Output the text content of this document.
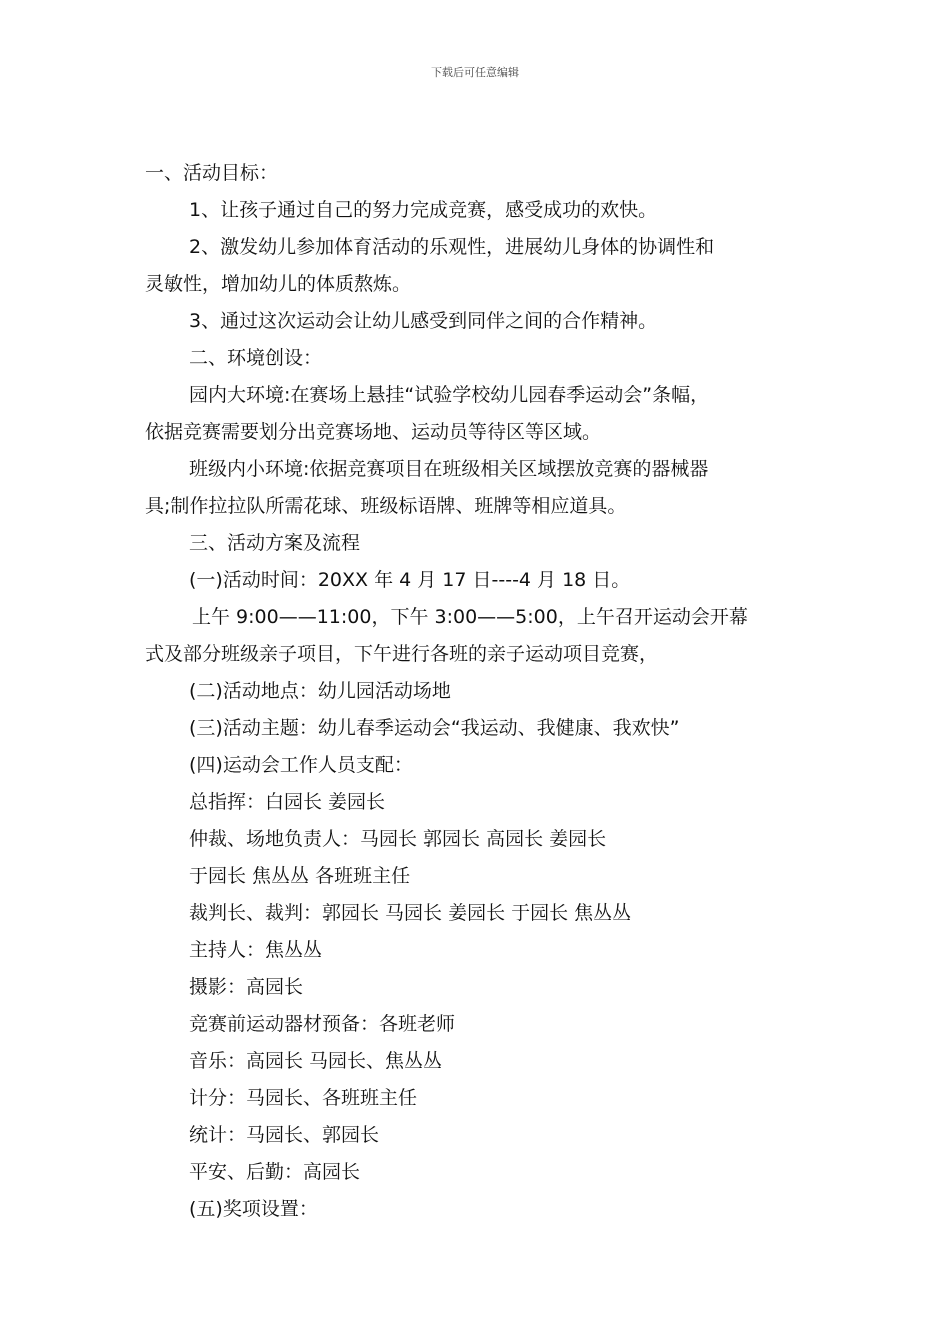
下载后可任意编辑
一、活动目标：
1、让孩子通过自己的努力完成竞赛，感受成功的欢快。
2、激发幼儿参加体育活动的乐观性，进展幼儿身体的协调性和
灵敏性，增加幼儿的体质熬炼。
3、通过这次运动会让幼儿感受到同伴之间的合作精神。
二、环境创设：
园内大环境:在赛场上悬挂“试验学校幼儿园春季运动会”条幅，
依据竞赛需要划分出竞赛场地、运动员等待区等区域。
班级内小环境:依据竞赛项目在班级相关区域摆放竞赛的器械器
具;制作拉拉队所需花球、班级标语牌、班牌等相应道具。
三、活动方案及流程
(一)活动时间：20XX 年 4 月 17 日----4 月 18 日。
上午 9:00——11:00，下午 3:00——5:00，上午召开运动会开幕
式及部分班级亲子项目，下午进行各班的亲子运动项目竞赛，
(二)活动地点：幼儿园活动场地
(三)活动主题：幼儿春季运动会“我运动、我健康、我欢快”
(四)运动会工作人员支配：
总指挥：白园长 姜园长
仲裁、场地负责人：马园长 郭园长 高园长 姜园长
于园长 焦丛丛 各班班主任
裁判长、裁判：郭园长 马园长 姜园长 于园长 焦丛丛
主持人：焦丛丛
摄影：高园长
竞赛前运动器材预备：各班老师
音乐：高园长 马园长、焦丛丛
计分：马园长、各班班主任
统计：马园长、郭园长
平安、后勤：高园长
(五)奖项设置：
